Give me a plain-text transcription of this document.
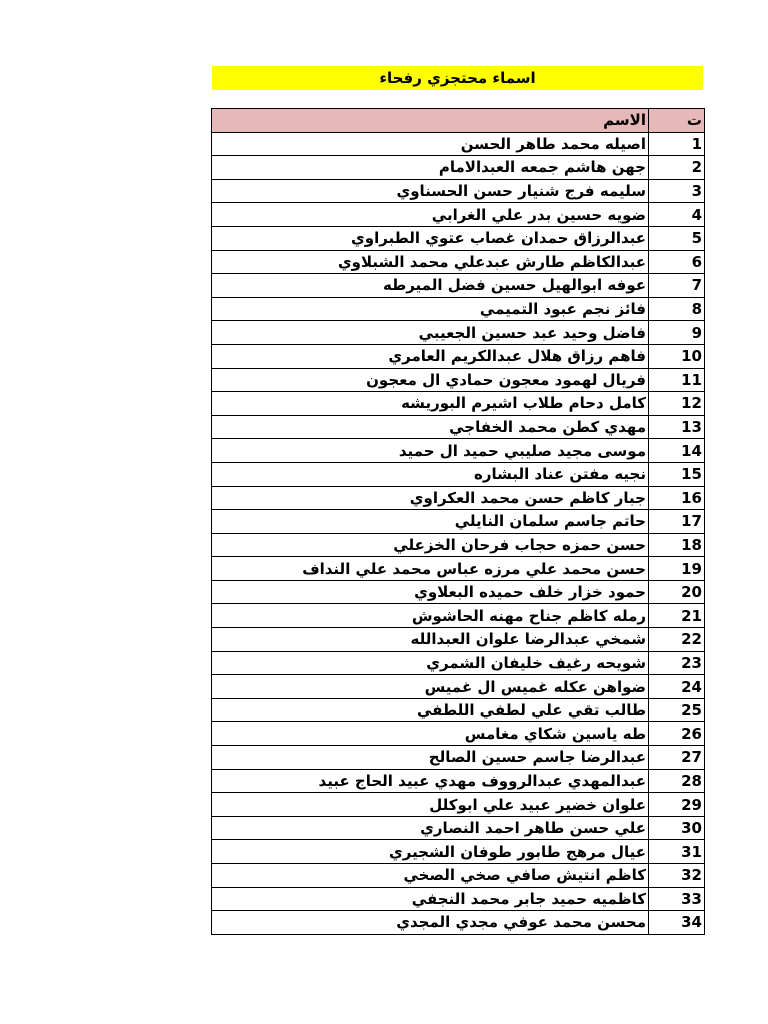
اسماء محتجزي رفحاء
ت	الاسم
1	اصيله محمد طاهر الحسن
2	جهن هاشم جمعه العبدالامام
3	سليمه فرج شنيار حسن الحسناوي
4	ضويه حسين بدر علي الغرابي
5	عبدالرزاق حمدان غصاب عتوي الطبراوي
6	عبدالكاظم طارش عبدعلي محمد الشبلاوي
7	عوفه ابوالهيل حسين فضل الميرطه
8	فائز نجم عبود التميمي
9	فاضل وحيد عبد حسين الجعيبي
10	فاهم رزاق هلال عبدالكريم العامري
11	فريال لهمود معجون حمادي ال معجون
12	كامل دحام طلاب اشيرم البوريشه
13	مهدي كطن محمد الخفاجي
14	موسى مجيد صليبي حميد ال حميد
15	نجيه مفتن عناد البشاره
16	جبار كاظم حسن محمد العكراوي
17	حاتم جاسم سلمان النايلي
18	حسن حمزه حجاب فرحان الخزعلي
19	حسن محمد علي مرزه عباس محمد علي النداف
20	حمود خزار خلف حميده البعلاوي
21	رمله كاظم جناح مهنه الحاشوش
22	شمخي عبدالرضا علوان العبدالله
23	شويحه رغيف خليفان الشمري
24	ضواهن عكله غميس ال غميس
25	طالب تقي علي لطفي اللطفي
26	طه ياسين شكاي مغامس
27	عبدالرضا جاسم حسين الصالح
28	عبدالمهدي عبدالرووف مهدي عبيد الحاج عبيد
29	علوان خضير عبيد علي ابوكلل
30	علي حسن طاهر احمد النصاري
31	عيال مرهج طابور طوفان الشجيري
32	كاظم انتيش صافي صخي الصخي
33	كاظميه حميد جابر محمد النجفي
34	محسن محمد عوفي مجدي المجدي
